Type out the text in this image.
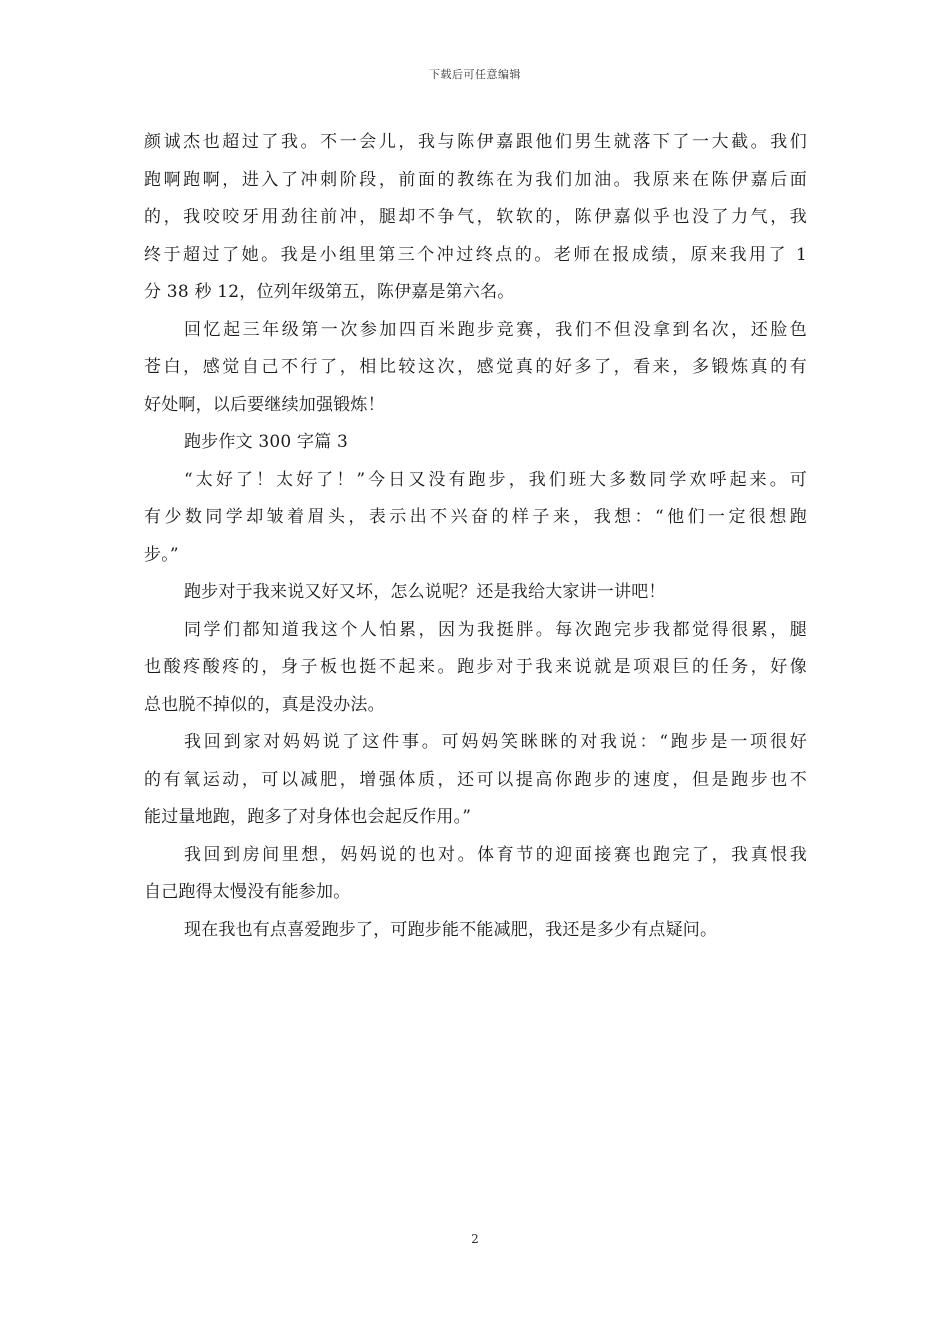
下载后可任意编辑
颜诚杰也超过了我。不一会儿，我与陈伊嘉跟他们男生就落下了一大截。我们
跑啊跑啊，进入了冲刺阶段，前面的教练在为我们加油。我原来在陈伊嘉后面
的，我咬咬牙用劲往前冲，腿却不争气，软软的，陈伊嘉似乎也没了力气，我
终于超过了她。我是小组里第三个冲过终点的。老师在报成绩，原来我用了 1
分 38 秒 12，位列年级第五，陈伊嘉是第六名。
回忆起三年级第一次参加四百米跑步竞赛，我们不但没拿到名次，还脸色
苍白，感觉自己不行了，相比较这次，感觉真的好多了，看来，多锻炼真的有
好处啊，以后要继续加强锻炼！
跑步作文 300 字篇 3
“太好了！太好了！”今日又没有跑步，我们班大多数同学欢呼起来。可
有少数同学却皱着眉头，表示出不兴奋的样子来，我想：“他们一定很想跑
步。”
跑步对于我来说又好又坏，怎么说呢？还是我给大家讲一讲吧！
同学们都知道我这个人怕累，因为我挺胖。每次跑完步我都觉得很累，腿
也酸疼酸疼的，身子板也挺不起来。跑步对于我来说就是项艰巨的任务，好像
总也脱不掉似的，真是没办法。
我回到家对妈妈说了这件事。可妈妈笑眯眯的对我说：“跑步是一项很好
的有氧运动，可以减肥，增强体质，还可以提高你跑步的速度，但是跑步也不
能过量地跑，跑多了对身体也会起反作用。”
我回到房间里想，妈妈说的也对。体育节的迎面接赛也跑完了，我真恨我
自己跑得太慢没有能参加。
现在我也有点喜爱跑步了，可跑步能不能减肥，我还是多少有点疑问。
2
